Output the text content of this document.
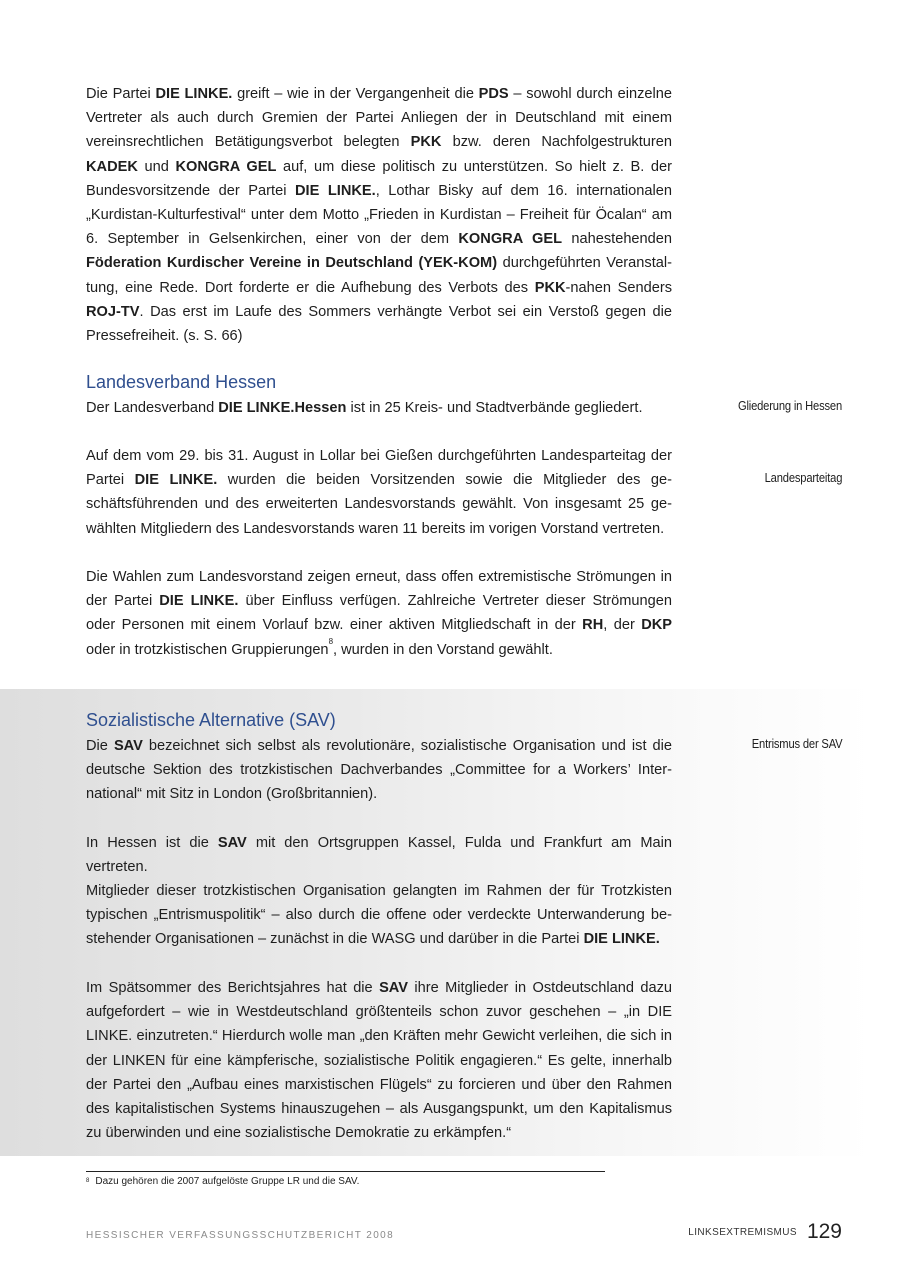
Die Partei DIE LINKE. greift – wie in der Vergangenheit die PDS – sowohl durch einzelne Vertreter als auch durch Gremien der Partei Anliegen der in Deutschland mit einem vereinsrechtlichen Betätigungsverbot belegten PKK bzw. deren Nachfolgestrukturen KADEK und KONGRA GEL auf, um diese politisch zu unterstützen. So hielt z. B. der Bundesvorsitzende der Partei DIE LINKE., Lothar Bisky auf dem 16. internationalen „Kurdistan-Kulturfestival“ unter dem Motto „Frieden in Kurdistan – Freiheit für Öcalan“ am 6. September in Gelsenkirchen, einer von der dem KONGRA GEL nahestehenden Föderation Kurdischer Vereine in Deutschland (YEK-KOM) durchgeführten Veranstaltung, eine Rede. Dort forderte er die Aufhebung des Verbots des PKK-nahen Senders ROJ-TV. Das erst im Laufe des Sommers verhängte Verbot sei ein Verstoß gegen die Pressefreiheit. (s. S. 66)

Landesverband Hessen

Der Landesverband DIE LINKE.Hessen ist in 25 Kreis- und Stadtverbände gegliedert.	Gliederung in Hessen

Auf dem vom 29. bis 31. August in Lollar bei Gießen durchgeführten Landesparteitag der Partei DIE LINKE. wurden die beiden Vorsitzenden sowie die Mitglieder des geschäftsführenden und des erweiterten Landesvorstands gewählt. Von insgesamt 25 gewählten Mitgliedern des Landesvorstands waren 11 bereits im vorigen Vorstand vertreten.

Landesparteitag

Die Wahlen zum Landesvorstand zeigen erneut, dass offen extremistische Strömungen in der Partei DIE LINKE. über Einfluss verfügen. Zahlreiche Vertreter dieser Strömungen oder Personen mit einem Vorlauf bzw. einer aktiven Mitgliedschaft in der RH, der DKP oder in trotzkistischen Gruppierungen$^8$, wurden in den Vorstand gewählt.

Sozialistische Alternative (SAV)

Die SAV bezeichnet sich selbst als revolutionäre, sozialistische Organisation und ist die deutsche Sektion des trotzkistischen Dachverbandes „Committee for a Workers’ International“ mit Sitz in London (Großbritannien).

Entrismus der SAV

In Hessen ist die SAV mit den Ortsgruppen Kassel, Fulda und Frankfurt am Main vertreten.

Mitglieder dieser trotzkistischen Organisation gelangten im Rahmen der für Trotzkisten typischen „Entrismuspolitik“ – also durch die offene oder verdeckte Unterwanderung bestehender Organisationen – zunächst in die WASG und darüber in die Partei DIE LINKE.

Im Spätsommer des Berichtsjahres hat die SAV ihre Mitglieder in Ostdeutschland dazu aufgefordert – wie in Westdeutschland größtenteils schon zuvor geschehen – „in DIE LINKE. einzutreten.“ Hierdurch wolle man „den Kräften mehr Gewicht verleihen, die sich in der LINKEN für eine kämpferische, sozialistische Politik engagieren.“ Es gelte, innerhalb der Partei den „Aufbau eines marxistischen Flügels“ zu forcieren und über den Rahmen des kapitalistischen Systems hinauszugehen – als Ausgangspunkt, um den Kapitalismus zu überwinden und eine sozialistische Demokratie zu erkämpfen.“

$^8$ Dazu gehören die 2007 aufgelöste Gruppe LR und die SAV.

HESSISCHER VERFASSUNGSSCHUTZBERICHT 2008	LINKSEXTREMISMUS 129
